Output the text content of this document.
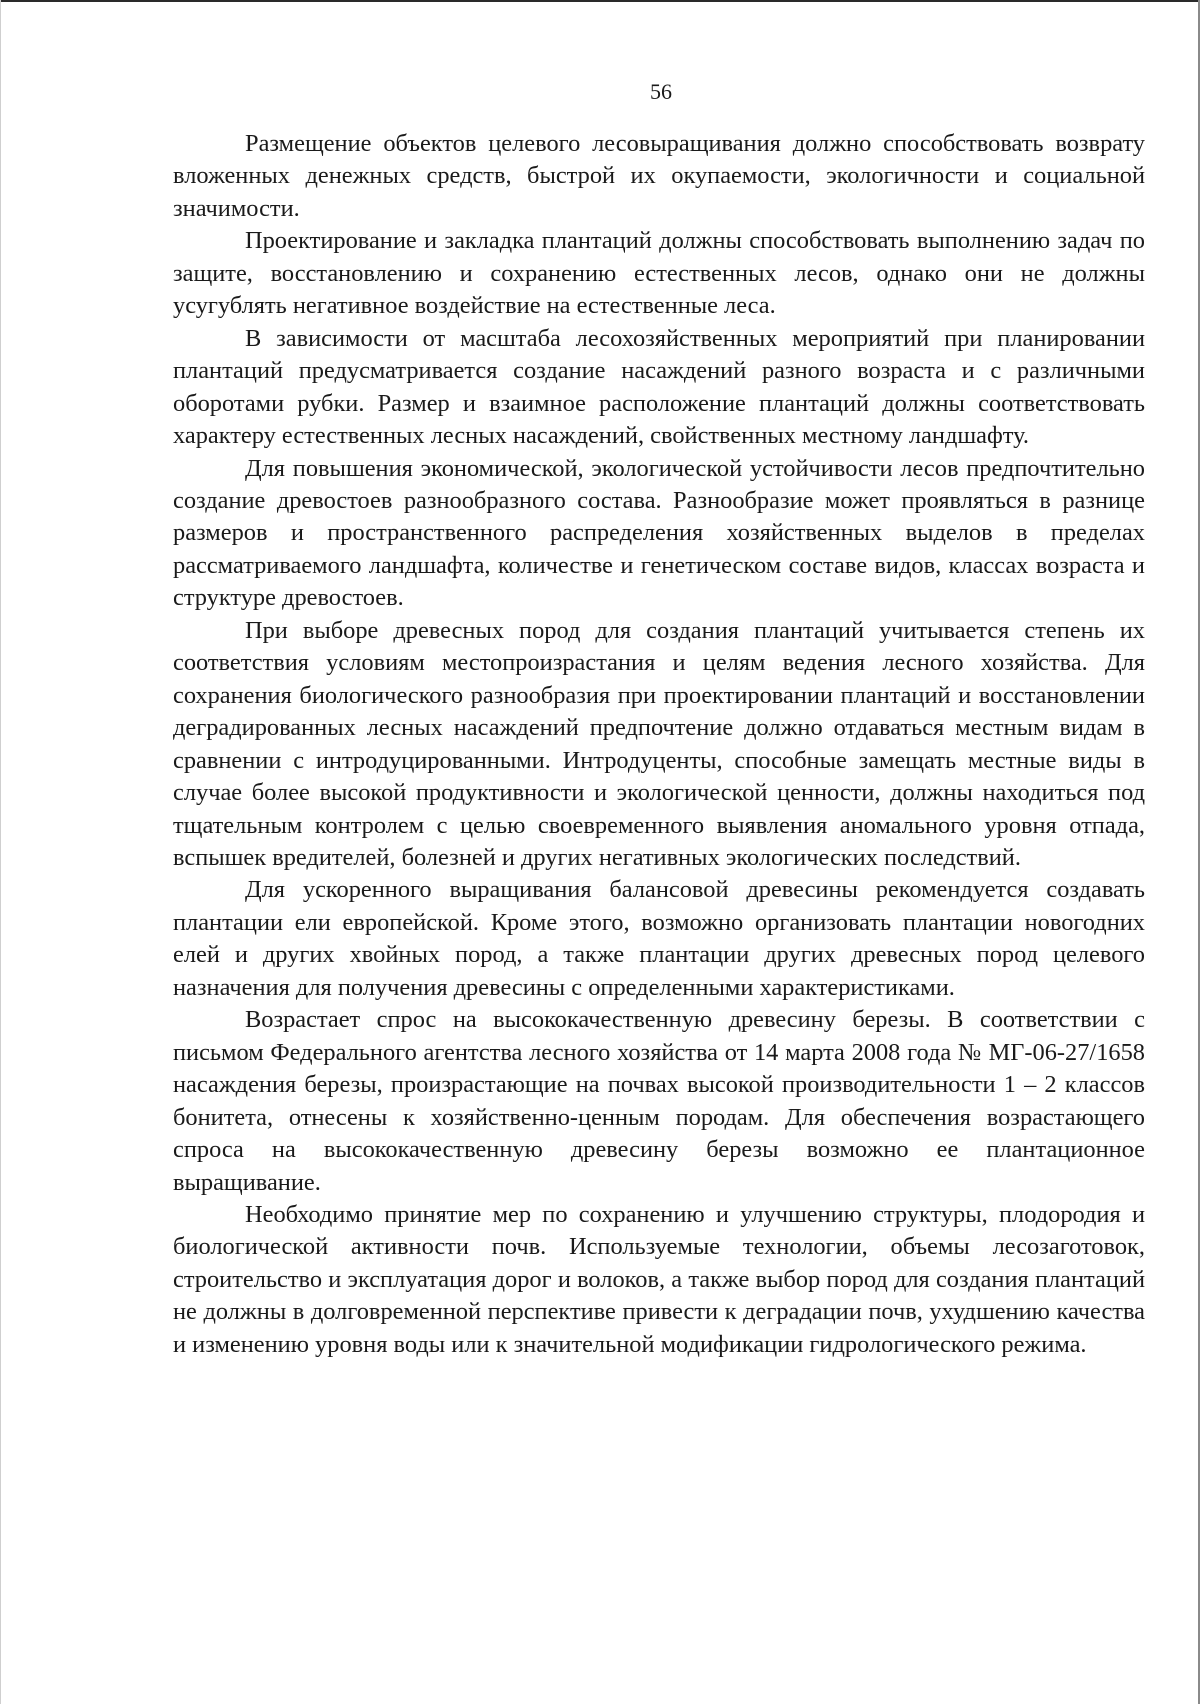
56

Размещение объектов целевого лесовыращивания должно способствовать возврату вложенных денежных средств, быстрой их окупаемости, экологичности и социальной значимости.

Проектирование и закладка плантаций должны способствовать выполнению задач по защите, восстановлению и сохранению естественных лесов, однако они не должны усугублять негативное воздействие на естественные леса.

В зависимости от масштаба лесохозяйственных мероприятий при планировании плантаций предусматривается создание насаждений разного возраста и с различными оборотами рубки. Размер и взаимное расположение плантаций должны соответствовать характеру естественных лесных насаждений, свойственных местному ландшафту.

Для повышения экономической, экологической устойчивости лесов предпочтительно создание древостоев разнообразного состава. Разнообразие может проявляться в разнице размеров и пространственного распределения хозяйственных выделов в пределах рассматриваемого ландшафта, количестве и генетическом составе видов, классах возраста и структуре древостоев.

При выборе древесных пород для создания плантаций учитывается степень их соответствия условиям местопроизрастания и целям ведения лесного хозяйства. Для сохранения биологического разнообразия при проектировании плантаций и восстановлении деградированных лесных насаждений предпочтение должно отдаваться местным видам в сравнении с интродуцированными. Интродуценты, способные замещать местные виды в случае более высокой продуктивности и экологической ценности, должны находиться под тщательным контролем с целью своевременного выявления аномального уровня отпада, вспышек вредителей, болезней и других негативных экологических последствий.

Для ускоренного выращивания балансовой древесины рекомендуется создавать плантации ели европейской. Кроме этого, возможно организовать плантации новогодних елей и других хвойных пород, а также плантации других древесных пород целевого назначения для получения древесины с определенными характеристиками.

Возрастает спрос на высококачественную древесину березы. В соответствии с письмом Федерального агентства лесного хозяйства от 14 марта 2008 года № МГ-06-27/1658 насаждения березы, произрастающие на почвах высокой производительности 1 – 2 классов бонитета, отнесены к хозяйственно-ценным породам. Для обеспечения возрастающего спроса на высококачественную древесину березы возможно ее плантационное выращивание.

Необходимо принятие мер по сохранению и улучшению структуры, плодородия и биологической активности почв. Используемые технологии, объемы лесозаготовок, строительство и эксплуатация дорог и волоков, а также выбор пород для создания плантаций не должны в долговременной перспективе привести к деградации почв, ухудшению качества и изменению уровня воды или к значительной модификации гидрологического режима.
